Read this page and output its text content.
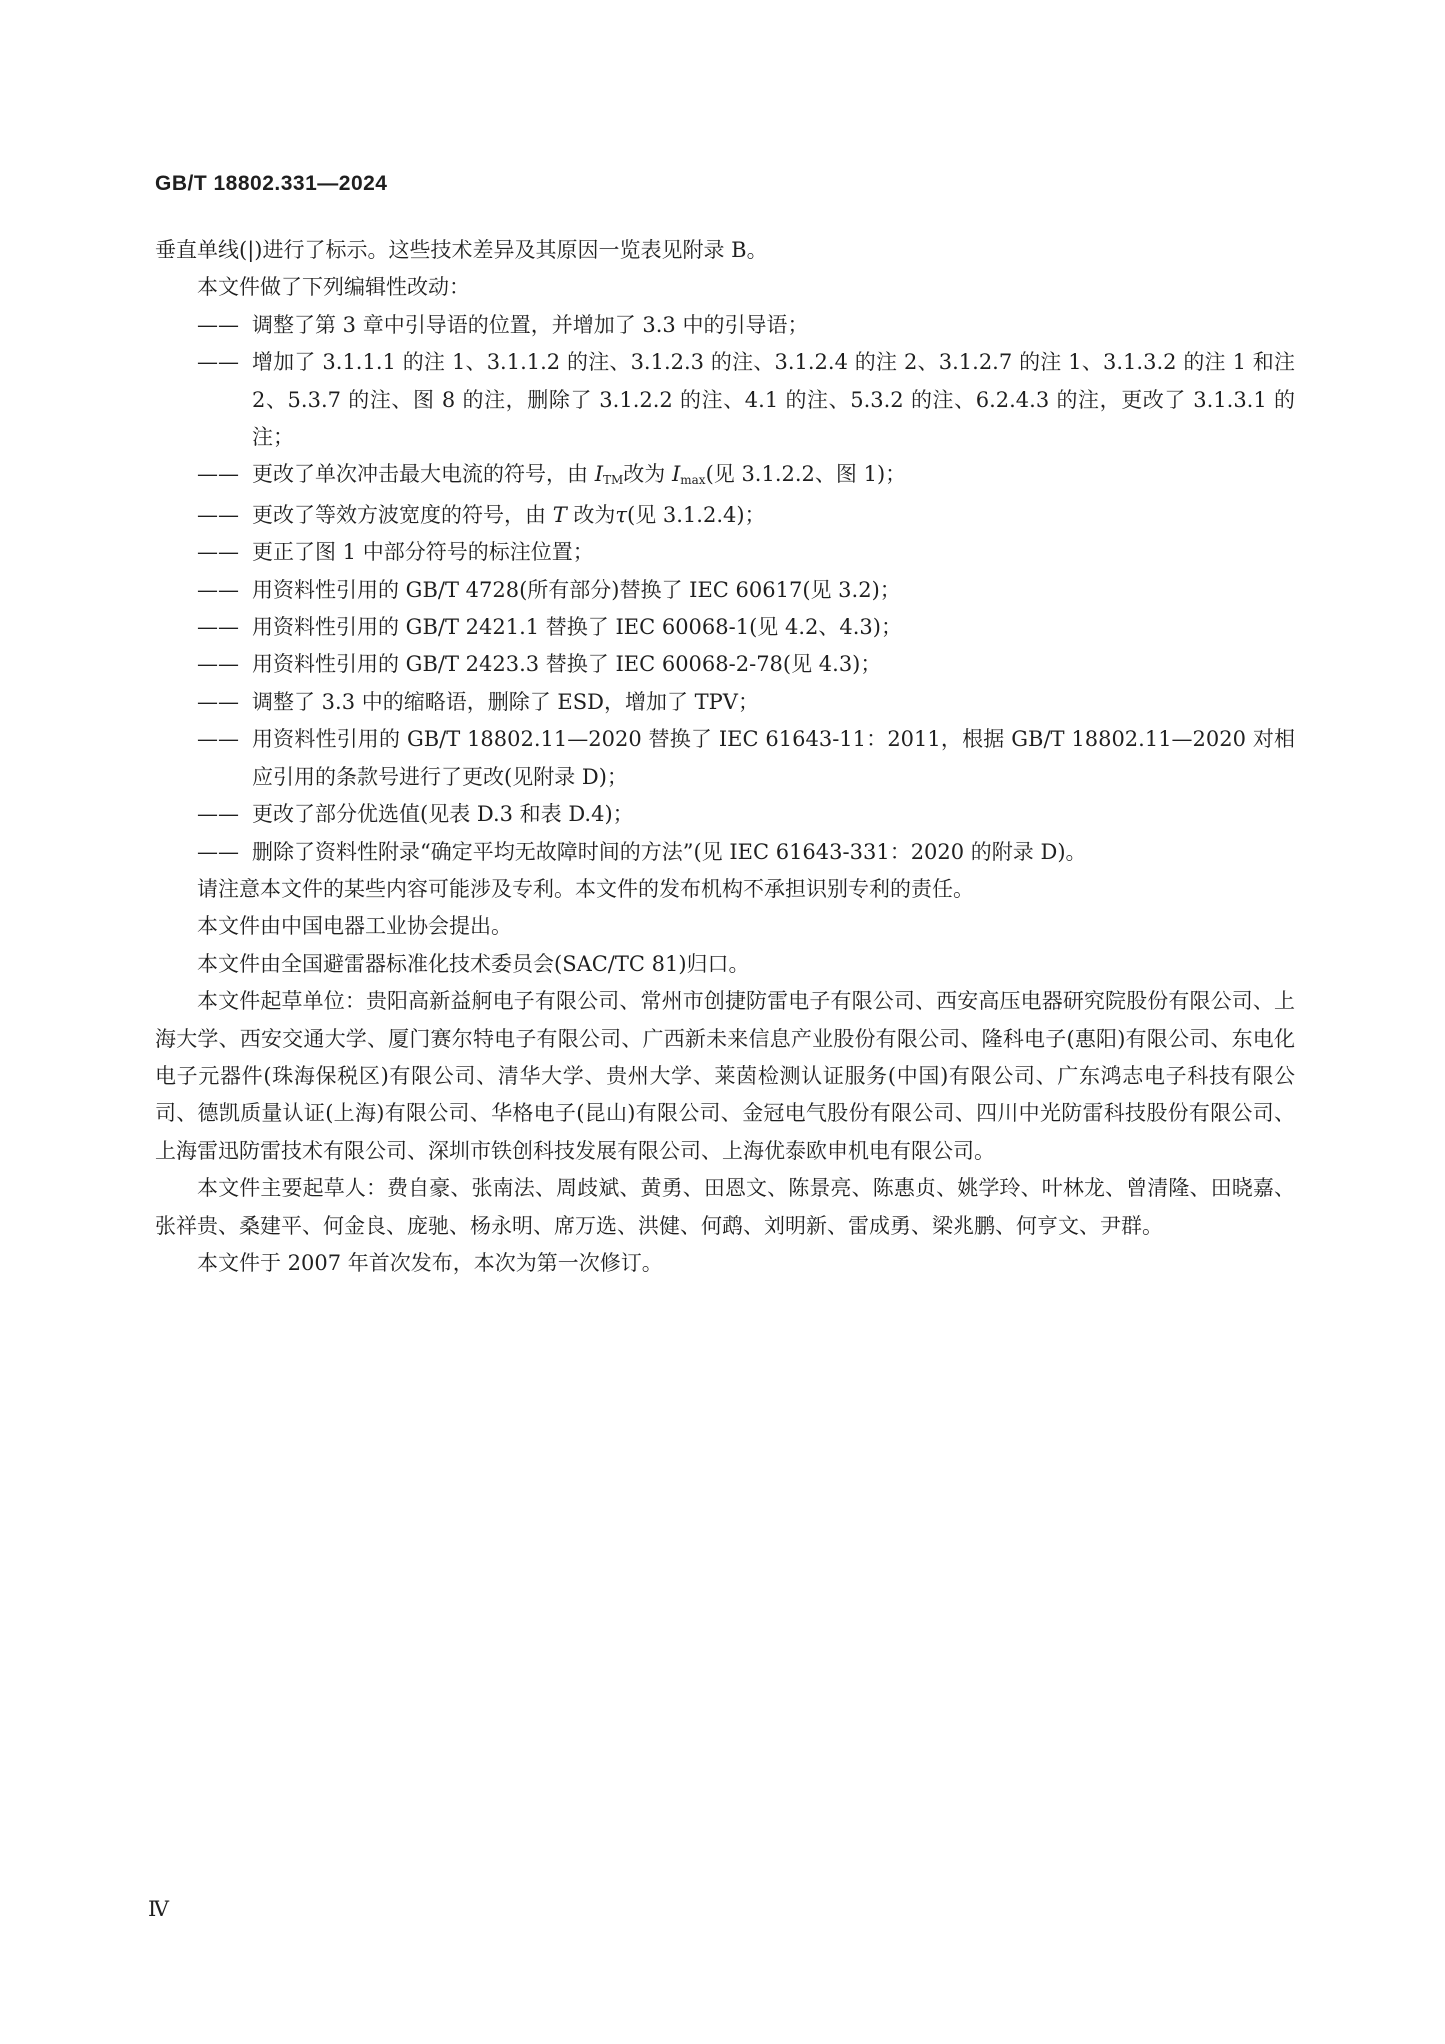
GB/T 18802.331—2024

垂直单线(|)进行了标示。这些技术差异及其原因一览表见附录 B。

本文件做了下列编辑性改动：

—— 调整了第 3 章中引导语的位置，并增加了 3.3 中的引导语；
—— 增加了 3.1.1.1 的注 1、3.1.1.2 的注、3.1.2.3 的注、3.1.2.4 的注 2、3.1.2.7 的注 1、3.1.3.2 的注 1 和注 2、5.3.7 的注、图 8 的注，删除了 3.1.2.2 的注、4.1 的注、5.3.2 的注、6.2.4.3 的注，更改了 3.1.3.1 的注；
—— 更改了单次冲击最大电流的符号，由 ITM改为 Imax(见 3.1.2.2、图 1)；
—— 更改了等效方波宽度的符号，由 T 改为τ(见 3.1.2.4)；
—— 更正了图 1 中部分符号的标注位置；
—— 用资料性引用的 GB/T 4728(所有部分)替换了 IEC 60617(见 3.2)；
—— 用资料性引用的 GB/T 2421.1 替换了 IEC 60068-1(见 4.2、4.3)；
—— 用资料性引用的 GB/T 2423.3 替换了 IEC 60068-2-78(见 4.3)；
—— 调整了 3.3 中的缩略语，删除了 ESD，增加了 TPV；
—— 用资料性引用的 GB/T 18802.11—2020 替换了 IEC 61643-11：2011，根据 GB/T 18802.11—2020 对相应引用的条款号进行了更改(见附录 D)；
—— 更改了部分优选值(见表 D.3 和表 D.4)；
—— 删除了资料性附录“确定平均无故障时间的方法”(见 IEC 61643-331：2020 的附录 D)。

请注意本文件的某些内容可能涉及专利。本文件的发布机构不承担识别专利的责任。

本文件由中国电器工业协会提出。

本文件由全国避雷器标准化技术委员会(SAC/TC 81)归口。

本文件起草单位：贵阳高新益舸电子有限公司、常州市创捷防雷电子有限公司、西安高压电器研究院股份有限公司、上海大学、西安交通大学、厦门赛尔特电子有限公司、广西新未来信息产业股份有限公司、隆科电子(惠阳)有限公司、东电化电子元器件(珠海保税区)有限公司、清华大学、贵州大学、莱茵检测认证服务(中国)有限公司、广东鸿志电子科技有限公司、德凯质量认证(上海)有限公司、华格电子(昆山)有限公司、金冠电气股份有限公司、四川中光防雷科技股份有限公司、上海雷迅防雷技术有限公司、深圳市铁创科技发展有限公司、上海优泰欧申机电有限公司。

本文件主要起草人：费自豪、张南法、周歧斌、黄勇、田恩文、陈景亮、陈惠贞、姚学玲、叶林龙、曾清隆、田晓嘉、张祥贵、桑建平、何金良、庞驰、杨永明、席万选、洪健、何鹉、刘明新、雷成勇、梁兆鹏、何亨文、尹群。

本文件于 2007 年首次发布，本次为第一次修订。

Ⅳ
